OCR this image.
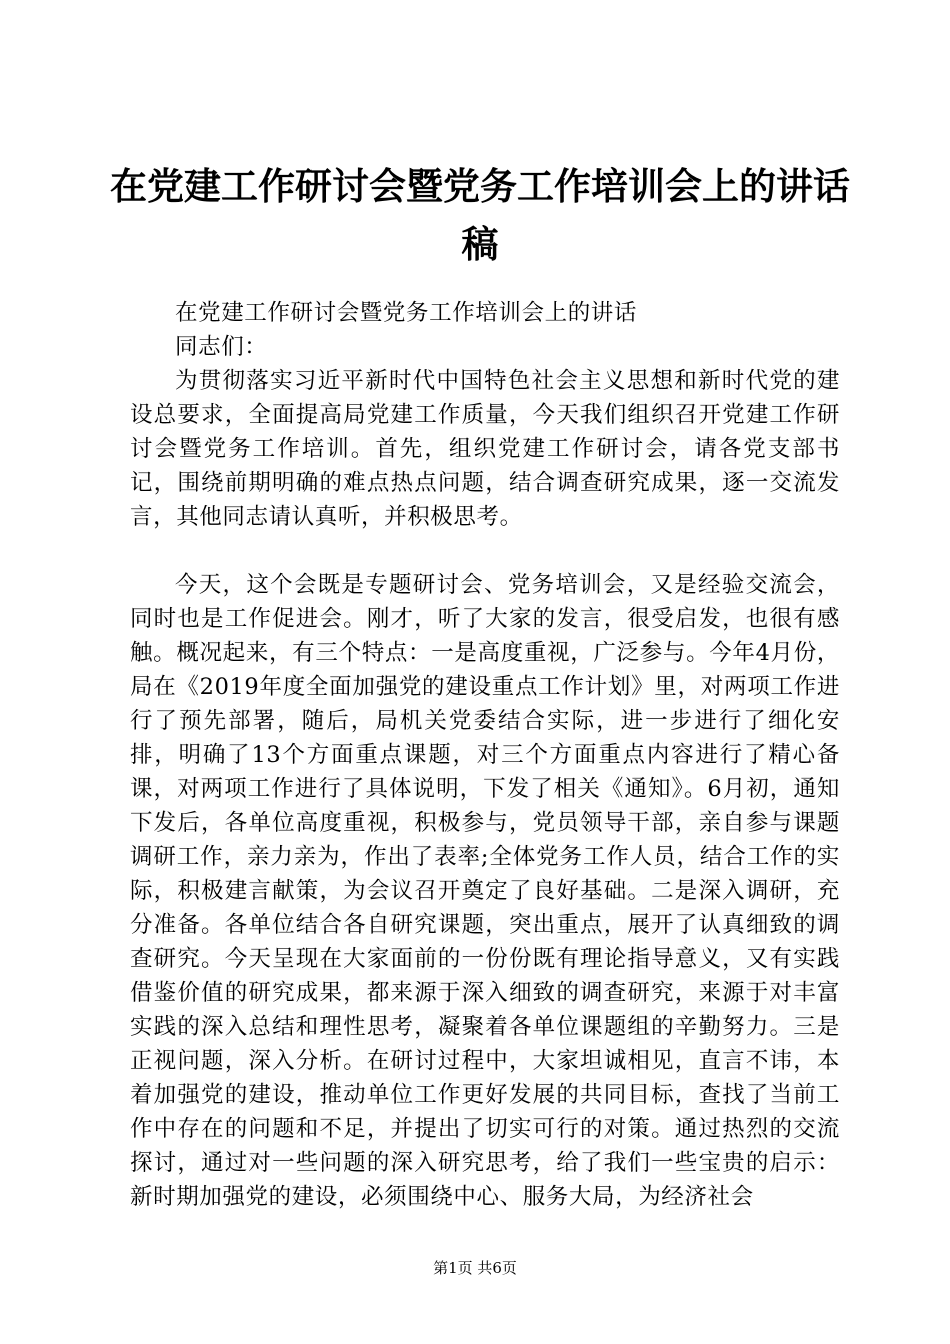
在党建工作研讨会暨党务工作培训会上的讲话稿

在党建工作研讨会暨党务工作培训会上的讲话

同志们：

为贯彻落实习近平新时代中国特色社会主义思想和新时代党的建设总要求，全面提高局党建工作质量，今天我们组织召开党建工作研讨会暨党务工作培训。首先，组织党建工作研讨会，请各党支部书记，围绕前期明确的难点热点问题，结合调查研究成果，逐一交流发言，其他同志请认真听，并积极思考。

今天，这个会既是专题研讨会、党务培训会，又是经验交流会，同时也是工作促进会。刚才，听了大家的发言，很受启发，也很有感触。概况起来，有三个特点：一是高度重视，广泛参与。今年4月份，局在《2019年度全面加强党的建设重点工作计划》里，对两项工作进行了预先部署，随后，局机关党委结合实际，进一步进行了细化安排，明确了13个方面重点课题，对三个方面重点内容进行了精心备课，对两项工作进行了具体说明，下发了相关《通知》。6月初，通知下发后，各单位高度重视，积极参与，党员领导干部，亲自参与课题调研工作，亲力亲为，作出了表率;全体党务工作人员，结合工作的实际，积极建言献策，为会议召开奠定了良好基础。二是深入调研，充分准备。各单位结合各自研究课题，突出重点，展开了认真细致的调查研究。今天呈现在大家面前的一份份既有理论指导意义，又有实践借鉴价值的研究成果，都来源于深入细致的调查研究，来源于对丰富实践的深入总结和理性思考，凝聚着各单位课题组的辛勤努力。三是正视问题，深入分析。在研讨过程中，大家坦诚相见，直言不讳，本着加强党的建设，推动单位工作更好发展的共同目标，查找了当前工作中存在的问题和不足，并提出了切实可行的对策。通过热烈的交流探讨，通过对一些问题的深入研究思考，给了我们一些宝贵的启示：新时期加强党的建设，必须围绕中心、服务大局，为经济社会

第1页 共6页
